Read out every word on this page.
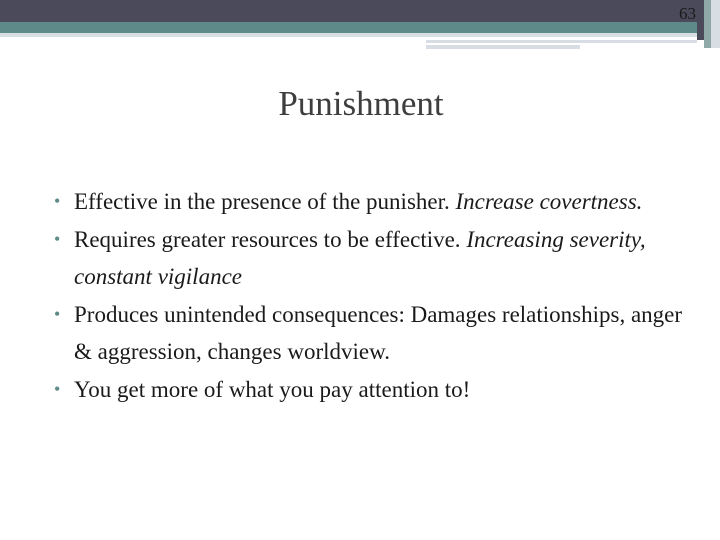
63
Punishment
• Effective in the presence of the punisher. Increase covertness.
• Requires greater resources to be effective. Increasing severity, constant vigilance
• Produces unintended consequences: Damages relationships, anger & aggression, changes worldview.
• You get more of what you pay attention to!
